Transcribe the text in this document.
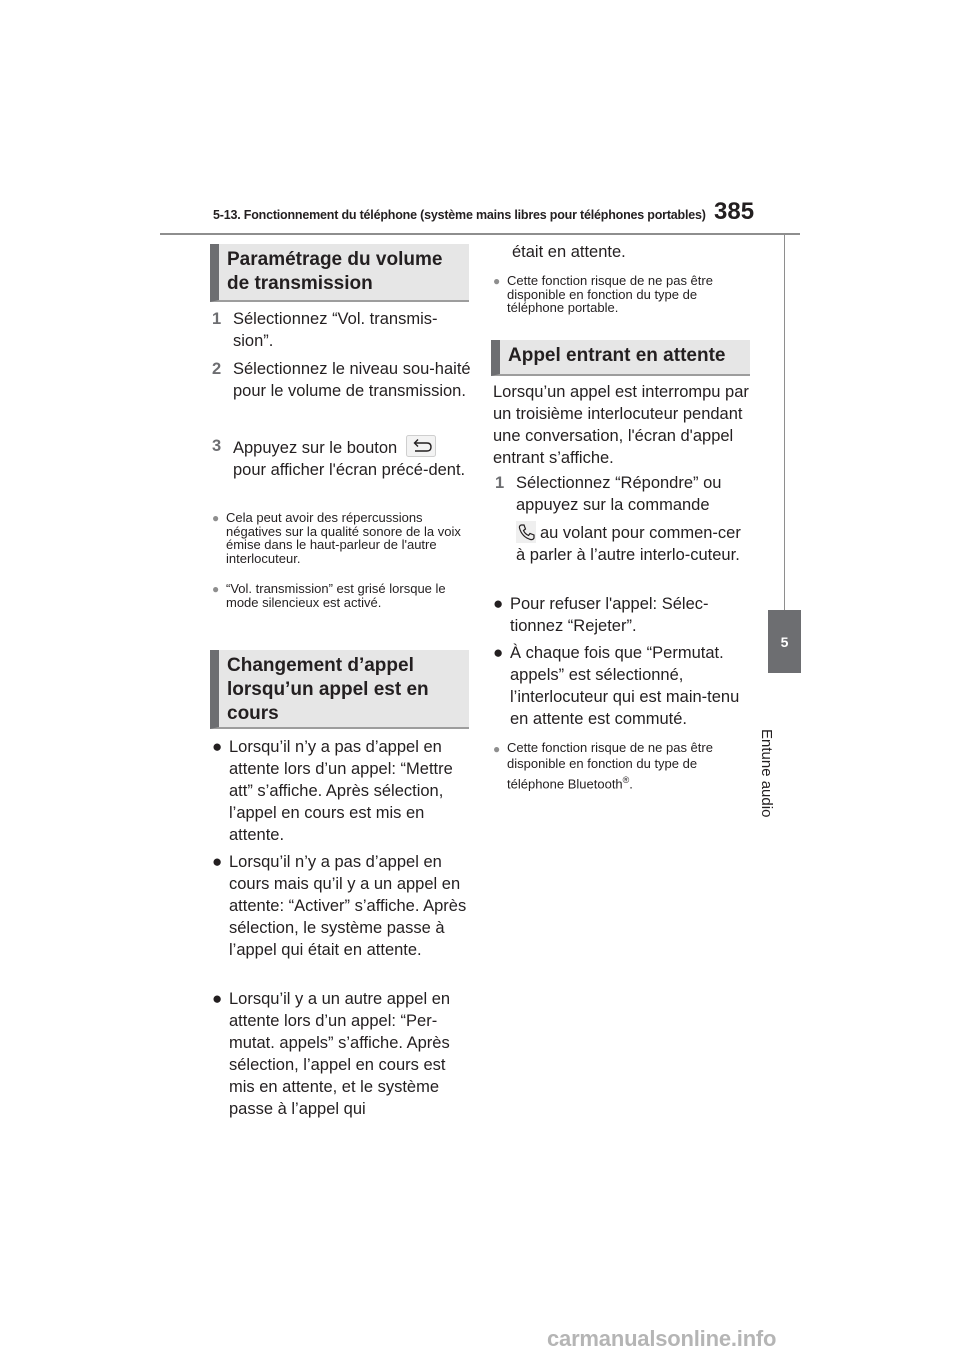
5-13. Fonctionnement du téléphone (système mains libres pour téléphones portables) 385
5
Entune audio
Paramétrage du volume de transmission
1 Sélectionnez “Vol. transmis-sion”.
2 Sélectionnez le niveau sou-haité pour le volume de transmission.
3 Appuyez sur le bouton
pour afficher l'écran précé-dent.
● Cela peut avoir des répercussions négatives sur la qualité sonore de la voix émise dans le haut-parleur de l'autre interlocuteur.
● “Vol. transmission” est grisé lorsque le mode silencieux est activé.
Changement d’appel lorsqu’un appel est en cours
● Lorsqu’il n’y a pas d’appel en attente lors d’un appel: “Mettre att” s’affiche. Après sélection, l’appel en cours est mis en attente.
● Lorsqu’il n’y a pas d’appel en cours mais qu’il y a un appel en attente: “Activer” s’affiche. Après sélection, le système passe à l’appel qui était en attente.
● Lorsqu’il y a un autre appel en attente lors d’un appel: “Per-mutat. appels” s’affiche. Après sélection, l’appel en cours est mis en attente, et le système passe à l’appel qui
était en attente.
● Cette fonction risque de ne pas être disponible en fonction du type de téléphone portable.
Appel entrant en attente
Lorsqu’un appel est interrompu par un troisième interlocuteur pendant une conversation, l'écran d'appel entrant s’affiche.
1 Sélectionnez “Répondre” ou appuyez sur la commande

au volant pour commen-cer à parler à l’autre interlo-cuteur.
● Pour refuser l'appel: Sélec-tionnez “Rejeter”.
● À chaque fois que “Permutat. appels” est sélectionné, l’interlocuteur qui est main-tenu en attente est commuté.
● Cette fonction risque de ne pas être disponible en fonction du type de téléphone Bluetooth®.
carmanualsonline.info
